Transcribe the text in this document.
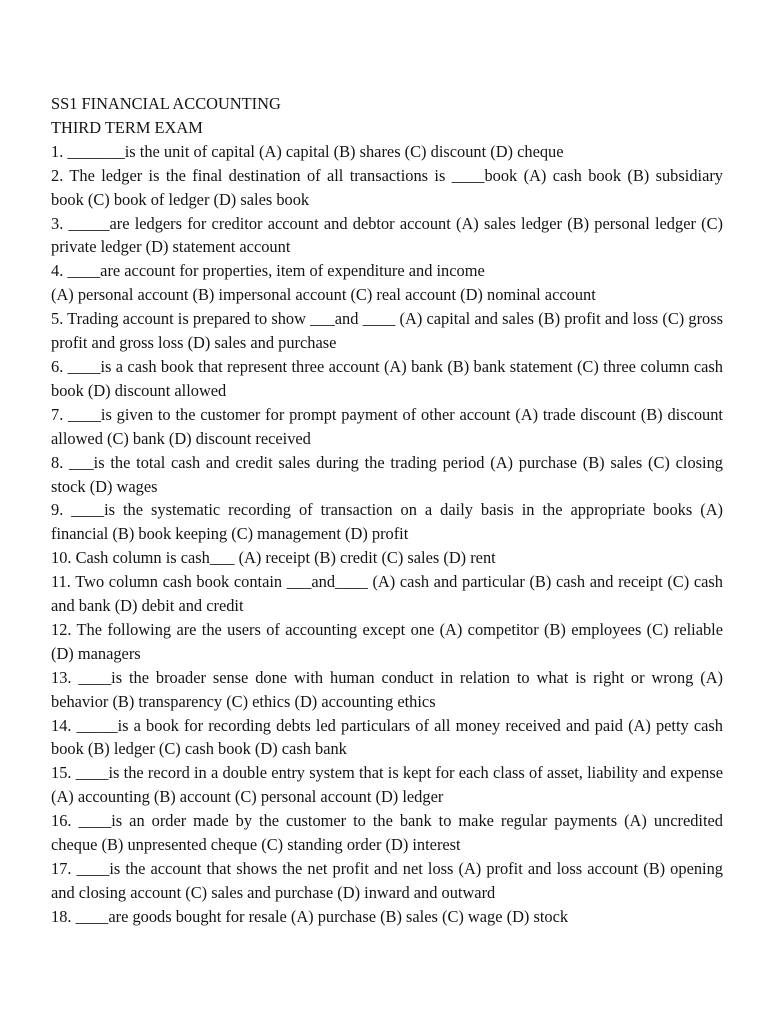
SS1 FINANCIAL ACCOUNTING
THIRD TERM EXAM
1. _______is the unit of capital (A) capital (B) shares (C) discount (D) cheque
2. The ledger is the final destination of all transactions is ____book (A) cash book (B) subsidiary book (C) book of ledger (D) sales book
3. _____are ledgers for creditor account and debtor account (A) sales ledger (B) personal ledger (C) private ledger (D) statement account
4. ____are account for properties, item of expenditure and income
(A) personal account (B) impersonal account (C) real account (D) nominal account
5. Trading account is prepared to show ___and ____ (A) capital and sales (B) profit and loss (C) gross profit and gross loss (D) sales and purchase
6. ____is a cash book that represent three account (A) bank (B) bank statement (C) three column cash book (D) discount allowed
7. ____is given to the customer for prompt payment of other account (A) trade discount (B) discount allowed (C) bank (D) discount received
8. ___is the total cash and credit sales during the trading period (A) purchase (B) sales (C) closing stock (D) wages
9. ____is the systematic recording of transaction on a daily basis in the appropriate books (A) financial (B) book keeping (C) management (D) profit
10. Cash column is cash___ (A) receipt (B) credit (C) sales (D) rent
11. Two column cash book contain ___and____ (A) cash and particular (B) cash and receipt (C) cash and bank (D) debit and credit
12. The following are the users of accounting except one (A) competitor (B) employees (C) reliable (D) managers
13. ____is the broader sense done with human conduct in relation to what is right or wrong (A) behavior (B) transparency (C) ethics (D) accounting ethics
14. _____is a book for recording debts led particulars of all money received and paid (A) petty cash book (B) ledger (C) cash book (D) cash bank
15. ____is the record in a double entry system that is kept for each class of asset, liability and expense (A) accounting (B) account (C) personal account (D) ledger
16. ____is an order made by the customer to the bank to make regular payments (A) uncredited cheque (B) unpresented cheque (C) standing order (D) interest
17. ____is the account that shows the net profit and net loss (A) profit and loss account (B) opening and closing account (C) sales and purchase (D) inward and outward
18. ____are goods bought for resale (A) purchase (B) sales (C) wage (D) stock
